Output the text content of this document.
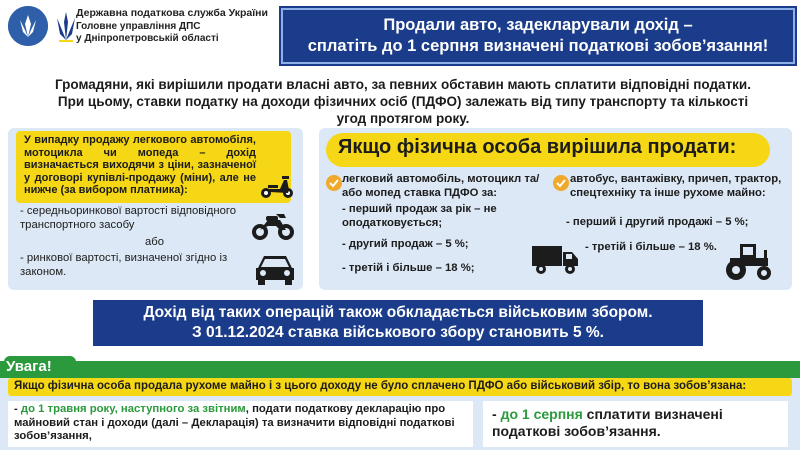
Державна податкова служба України
Головне управління ДПС
у Дніпропетровській області
Продали авто, задекларували дохід –
сплатіть до 1 серпня визначені податкові зобов’язання!
Громадяни, які вирішили продати власні авто, за певних обставин мають сплатити відповідні податки.
При цьому, ставки податку на доходи фізичних осіб (ПДФО) залежать від типу транспорту та кількості
угод протягом року.
У випадку продажу легкового автомобіля, мотоцикла чи мопеда – дохід визначається виходячи з ціни, зазначеної у договорі купівлі-продажу (міни), але не нижче (за вибором платника):
- середньоринкової вартості відповідного транспортного засобу
або
- ринкової вартості, визначеної згідно із законом.
Якщо фізична особа вирішила продати:
легковий автомобіль, мотоцикл та/або мопед ставка ПДФО за:
- перший продаж за рік – не оподатковується;
- другий продаж – 5 %;
- третій і більше – 18 %;
автобус, вантажівку, причеп, трактор, спецтехніку та інше рухоме майно:
- перший і другий продажі – 5 %;
- третій і більше – 18 %.
Дохід від таких операцій також обкладається військовим збором.
З 01.12.2024 ставка військового збору становить 5 %.
Увага!
Якщо фізична особа продала рухоме майно і з цього доходу не було сплачено ПДФО або військовий збір, то вона зобов’язана:
- до 1 травня року, наступного за звітним, подати податкову декларацію про майновий стан і доходи (далі – Декларація) та визначити відповідні податкові зобов’язання,
- до 1 серпня сплатити визначені податкові зобов’язання.
